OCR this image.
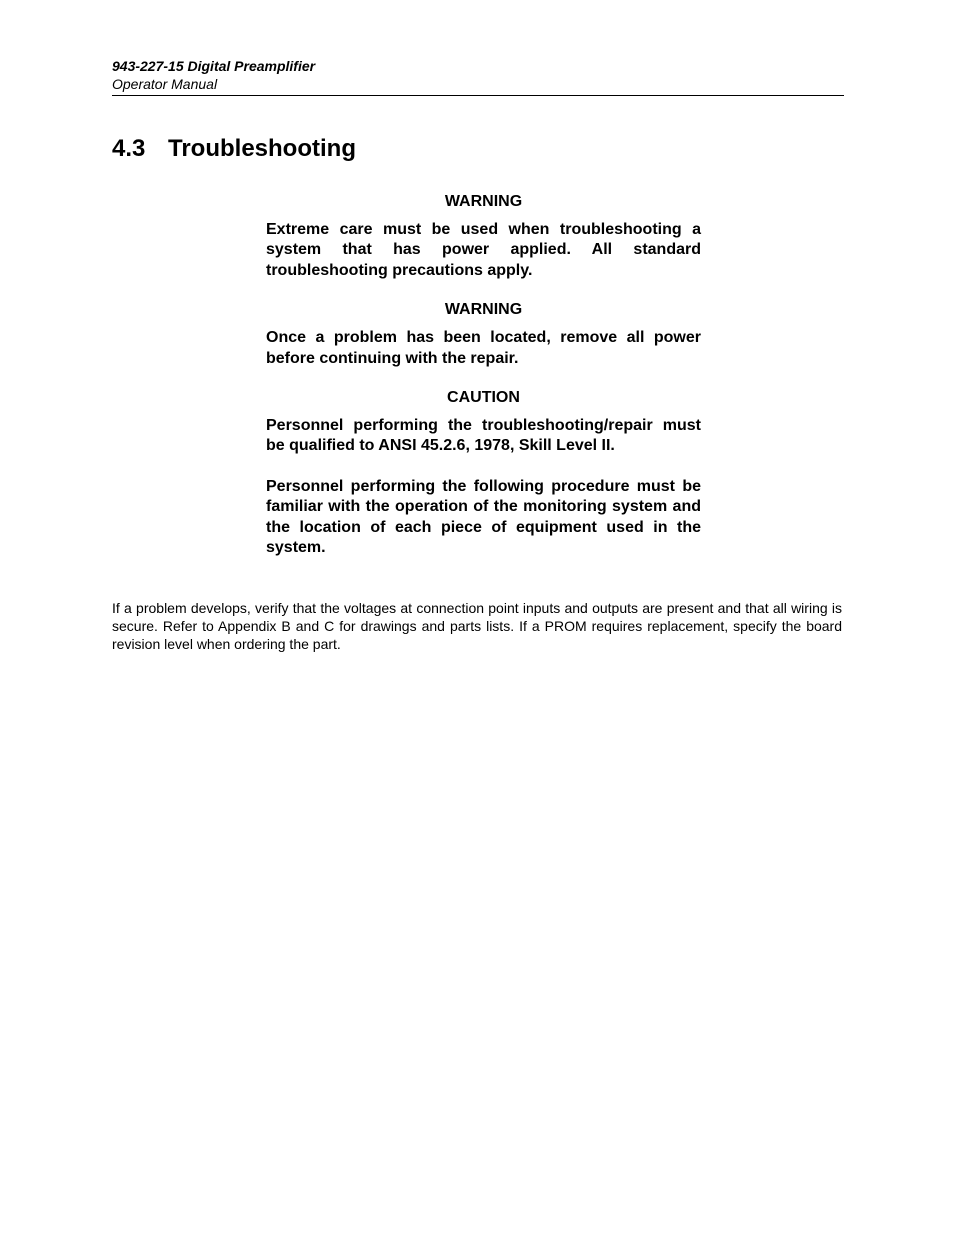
943-227-15 Digital Preamplifier
Operator Manual
4.3 Troubleshooting
WARNING

Extreme care must be used when troubleshooting a system that has power applied. All standard troubleshooting precautions apply.

WARNING

Once a problem has been located, remove all power before continuing with the repair.

CAUTION

Personnel performing the troubleshooting/repair must be qualified to ANSI 45.2.6, 1978, Skill Level II.

Personnel performing the following procedure must be familiar with the operation of the monitoring system and the location of each piece of equipment used in the system.

If a problem develops, verify that the voltages at connection point inputs and outputs are present and that all wiring is secure. Refer to Appendix B and C for drawings and parts lists. If a PROM requires replacement, specify the board revision level when ordering the part.
